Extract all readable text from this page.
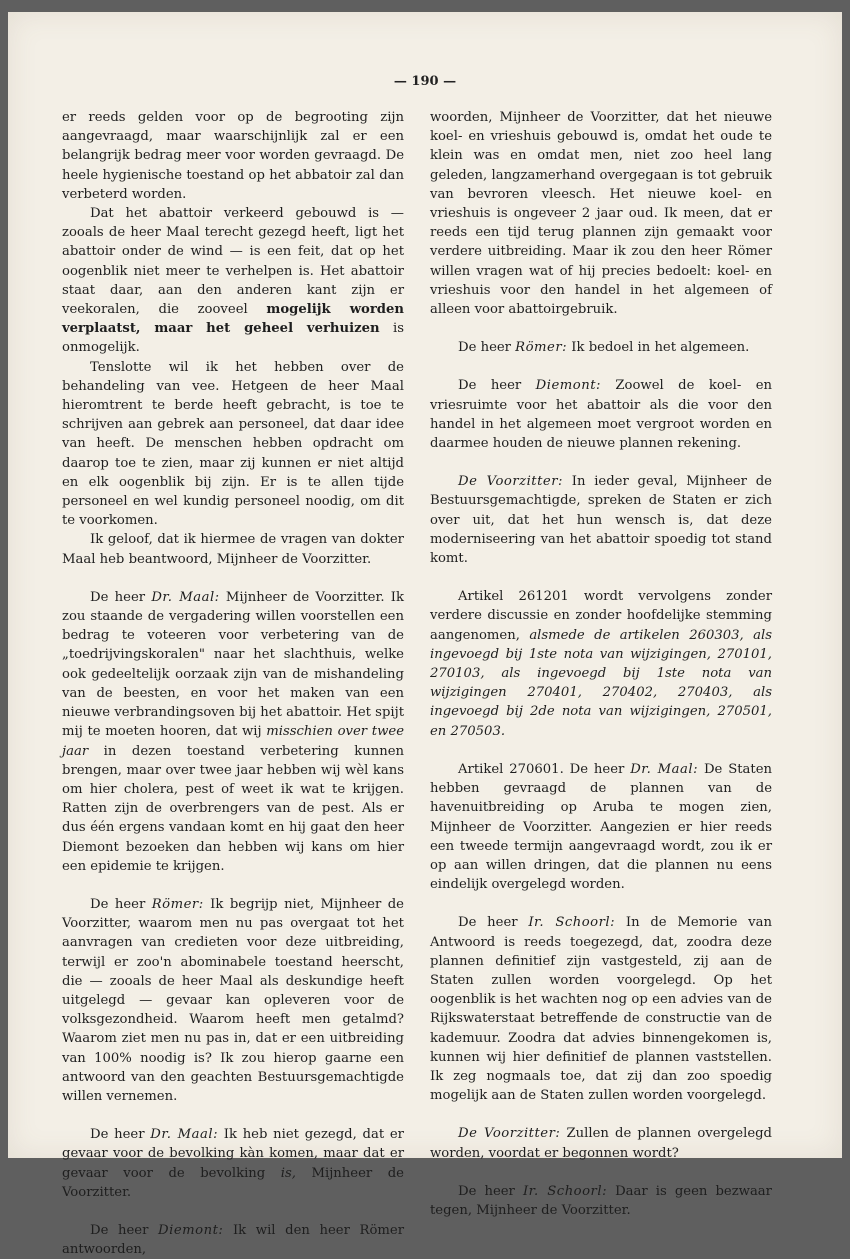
— 190 —

er reeds gelden voor op de begrooting zijn aangevraagd, maar waarschijnlijk zal er een belangrijk bedrag meer voor worden gevraagd. De heele hygienische toestand op het abbatoir zal dan verbeterd worden.

Dat het abattoir verkeerd gebouwd is — zooals de heer Maal terecht gezegd heeft, ligt het abattoir onder de wind — is een feit, dat op het oogenblik niet meer te verhelpen is. Het abattoir staat daar, aan den anderen kant zijn er veekoralen, die zooveel mogelijk worden verplaatst, maar het geheel verhuizen is onmogelijk.

Tenslotte wil ik het hebben over de behandeling van vee. Hetgeen de heer Maal hieromtrent te berde heeft gebracht, is toe te schrijven aan gebrek aan personeel, dat daar idee van heeft. De menschen hebben opdracht om daarop toe te zien, maar zij kunnen er niet altijd en elk oogenblik bij zijn. Er is te allen tijde personeel en wel kundig personeel noodig, om dit te voorkomen.

Ik geloof, dat ik hiermee de vragen van dokter Maal heb beantwoord, Mijnheer de Voorzitter.

De heer Dr. Maal: Mijnheer de Voorzitter. Ik zou staande de vergadering willen voorstellen een bedrag te voteeren voor verbetering van de „toedrijvingskoralen" naar het slachthuis, welke ook gedeeltelijk oorzaak zijn van de mishandeling van de beesten, en voor het maken van een nieuwe verbrandingsoven bij het abattoir. Het spijt mij te moeten hooren, dat wij misschien over twee jaar in dezen toestand verbetering kunnen brengen, maar over twee jaar hebben wij wèl kans om hier cholera, pest of weet ik wat te krijgen. Ratten zijn de overbrengers van de pest. Als er dus één ergens vandaan komt en hij gaat den heer Diemont bezoeken dan hebben wij kans om hier een epidemie te krijgen.

De heer Römer: Ik begrijp niet, Mijnheer de Voorzitter, waarom men nu pas overgaat tot het aanvragen van credieten voor deze uitbreiding, terwijl er zoo'n abominabele toestand heerscht, die — zooals de heer Maal als deskundige heeft uitgelegd — gevaar kan opleveren voor de volksgezondheid. Waarom heeft men getalmd? Waarom ziet men nu pas in, dat er een uitbreiding van 100% noodig is? Ik zou hierop gaarne een antwoord van den geachten Bestuursgemachtigde willen vernemen.

De heer Dr. Maal: Ik heb niet gezegd, dat er gevaar voor de bevolking kàn komen, maar dat er gevaar voor de bevolking is, Mijnheer de Voorzitter.

De heer Diemont: Ik wil den heer Römer antwoorden,

woorden, Mijnheer de Voorzitter, dat het nieuwe koel- en vrieshuis gebouwd is, omdat het oude te klein was en omdat men, niet zoo heel lang geleden, langzamerhand overgegaan is tot gebruik van bevroren vleesch. Het nieuwe koel- en vrieshuis is ongeveer 2 jaar oud. Ik meen, dat er reeds een tijd terug plannen zijn gemaakt voor verdere uitbreiding. Maar ik zou den heer Römer willen vragen wat of hij precies bedoelt: koel- en vrieshuis voor den handel in het algemeen of alleen voor abattoirgebruik.

De heer Römer: Ik bedoel in het algemeen.

De heer Diemont: Zoowel de koel- en vriesruimte voor het abattoir als die voor den handel in het algemeen moet vergroot worden en daarmee houden de nieuwe plannen rekening.

De Voorzitter: In ieder geval, Mijnheer de Bestuursgemachtigde, spreken de Staten er zich over uit, dat het hun wensch is, dat deze moderniseering van het abattoir spoedig tot stand komt.

Artikel 261201 wordt vervolgens zonder verdere discussie en zonder hoofdelijke stemming aangenomen, alsmede de artikelen 260303, als ingevoegd bij 1ste nota van wijzigingen, 270101, 270103, als ingevoegd bij 1ste nota van wijzigingen 270401, 270402, 270403, als ingevoegd bij 2de nota van wijzigingen, 270501, en 270503.

Artikel 270601. De heer Dr. Maal: De Staten hebben gevraagd de plannen van de havenuitbreiding op Aruba te mogen zien, Mijnheer de Voorzitter. Aangezien er hier reeds een tweede termijn aangevraagd wordt, zou ik er op aan willen dringen, dat die plannen nu eens eindelijk overgelegd worden.

De heer Ir. Schoorl: In de Memorie van Antwoord is reeds toegezegd, dat, zoodra deze plannen definitief zijn vastgesteld, zij aan de Staten zullen worden voorgelegd. Op het oogenblik is het wachten nog op een advies van de Rijkswaterstaat betreffende de constructie van de kademuur. Zoodra dat advies binnengekomen is, kunnen wij hier definitief de plannen vaststellen. Ik zeg nogmaals toe, dat zij dan zoo spoedig mogelijk aan de Staten zullen worden voorgelegd.

De Voorzitter: Zullen de plannen overgelegd worden, voordat er begonnen wordt?

De heer Ir. Schoorl: Daar is geen bezwaar tegen, Mijnheer de Voorzitter.
